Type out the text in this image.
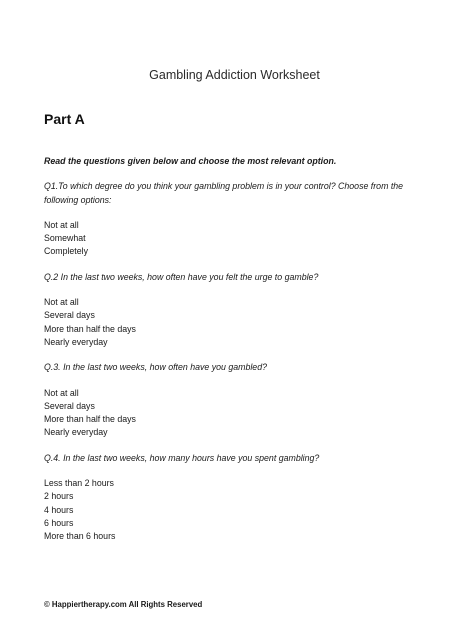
Gambling Addiction Worksheet
Part A
Read the questions given below and choose the most relevant option.
Q1.To which degree do you think your gambling problem is in your control? Choose from the following options:
Not at all
Somewhat
Completely
Q.2 In the last two weeks, how often have you felt the urge to gamble?
Not at all
Several days
More than half the days
Nearly everyday
Q.3. In the last two weeks, how often have you gambled?
Not at all
Several days
More than half the days
Nearly everyday
Q.4. In the last two weeks, how many hours have you spent gambling?
Less than 2 hours
2 hours
4 hours
6 hours
More than 6 hours
© Happiertherapy.com All Rights Reserved
